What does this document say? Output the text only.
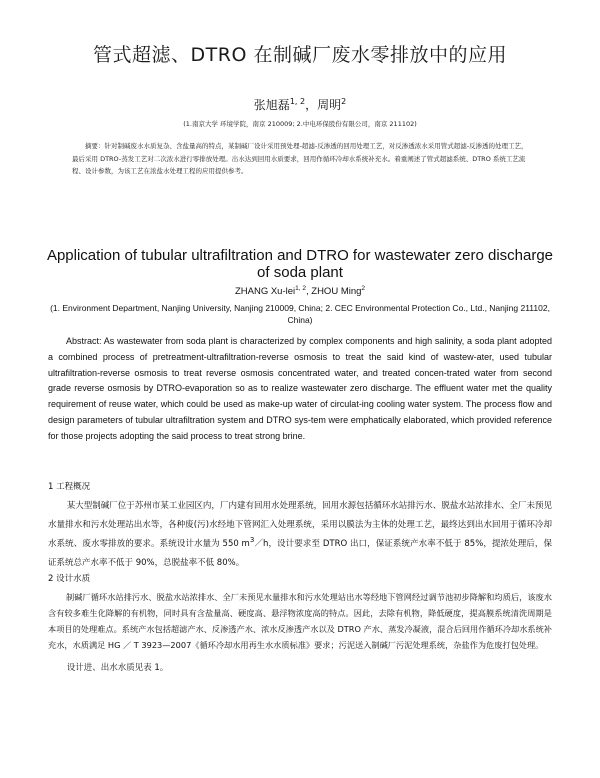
管式超滤、DTRO 在制碱厂废水零排放中的应用
张旭磊$^{1, 2}$，周明$^2$
(1.南京大学 环境学院，南京 210009; 2.中电环保股份有限公司，南京 211102)
摘要：针对制碱废水水质复杂、含盐量高的特点，某制碱厂设计采用预处理-超滤-反渗透的回用处理工艺，对反渗透浓水采用管式超滤-反渗透的处理工艺，最后采用 DTRO-蒸发工艺对二次浓水进行零排放处理。出水达到回用水质要求，回用作循环冷却水系统补充水。着重阐述了管式超滤系统、DTRO 系统工艺流程、设计参数，为该工艺在浓盐水处理工程的应用提供参考。
Application of tubular ultrafiltration and DTRO for wastewater zero discharge of soda plant
ZHANG Xu-lei$^{1, 2}$, ZHOU Ming$^2$
(1. Environment Department, Nanjing University, Nanjing 210009, China; 2. CEC Environmental Protection Co., Ltd., Nanjing 211102, China)
Abstract: As wastewater from soda plant is characterized by complex components and high salinity, a soda plant adopted a combined process of pretreatment-ultrafiltration-reverse osmosis to treat the said kind of wastew-ater, used tubular ultrafiltration-reverse osmosis to treat reverse osmosis concentrated water, and treated concen-trated water from second grade reverse osmosis by DTRO-evaporation so as to realize wastewater zero discharge. The effluent water met the quality requirement of reuse water, which could be used as make-up water of circulat-ing cooling water system. The process flow and design parameters of tubular ultrafiltration system and DTRO sys-tem were emphatically elaborated, which provided reference for those projects adopting the said process to treat strong brine.
1 工程概况
某大型制碱厂位于苏州市某工业园区内，厂内建有回用水处理系统，回用水源包括循环水站排污水、脱盐水站浓排水、全厂未预见水量排水和污水处理站出水等，各种废(污)水经地下管网汇入处理系统，采用以膜法为主体的处理工艺，最终达到出水回用于循环冷却水系统、废水零排放的要求。系统设计水量为 550 $m^3/h$，设计要求至 DTRO 出口，保证系统产水率不低于 85%，提浓处理后，保证系统总产水率不低于 90%，总脱盐率不低 80%。
2 设计水质
制碱厂循环水站排污水、脱盐水站浓排水、全厂未预见水量排水和污水处理站出水等经地下管网经过调节池初步降解和均质后，该废水含有较多难生化降解的有机物，同时具有含盐量高、硬度高、悬浮物浓度高的特点。因此，去除有机物，降低硬度，提高膜系统清洗周期是本项目的处理难点。系统产水包括超滤产水、反渗透产水、浓水反渗透产水以及 DTRO 产水、蒸发冷凝液，混合后回用作循环冷却水系统补充水，水质满足 HG ／ T 3923—2007《循环冷却水用再生水水质标准》要求；污泥送入制碱厂污泥处理系统，杂盐作为危废打包处理。
设计进、出水水质见表 1。
